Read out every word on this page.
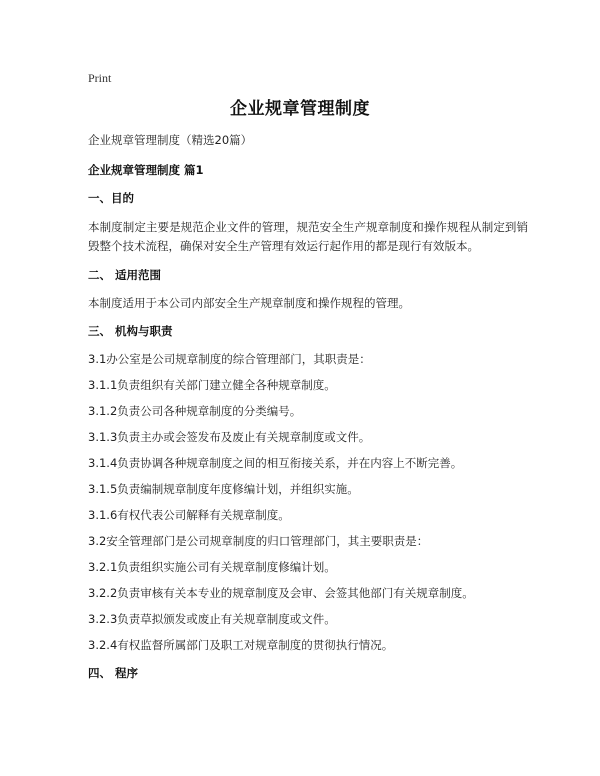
Print
企业规章管理制度

企业规章管理制度（精选20篇）

企业规章管理制度 篇1

一、目的

本制度制定主要是规范企业文件的管理，规范安全生产规章制度和操作规程从制定到销毁整个技术流程，确保对安全生产管理有效运行起作用的都是现行有效版本。

二、 适用范围

本制度适用于本公司内部安全生产规章制度和操作规程的管理。

三、 机构与职责

3.1办公室是公司规章制度的综合管理部门，其职责是：

3.1.1负责组织有关部门建立健全各种规章制度。

3.1.2负责公司各种规章制度的分类编号。

3.1.3负责主办或会签发布及废止有关规章制度或文件。

3.1.4负责协调各种规章制度之间的相互衔接关系，并在内容上不断完善。

3.1.5负责编制规章制度年度修编计划，并组织实施。

3.1.6有权代表公司解释有关规章制度。

3.2安全管理部门是公司规章制度的归口管理部门，其主要职责是：

3.2.1负责组织实施公司有关规章制度修编计划。

3.2.2负责审核有关本专业的规章制度及会审、会签其他部门有关规章制度。

3.2.3负责草拟颁发或废止有关规章制度或文件。

3.2.4有权监督所属部门及职工对规章制度的贯彻执行情况。

四、 程序
